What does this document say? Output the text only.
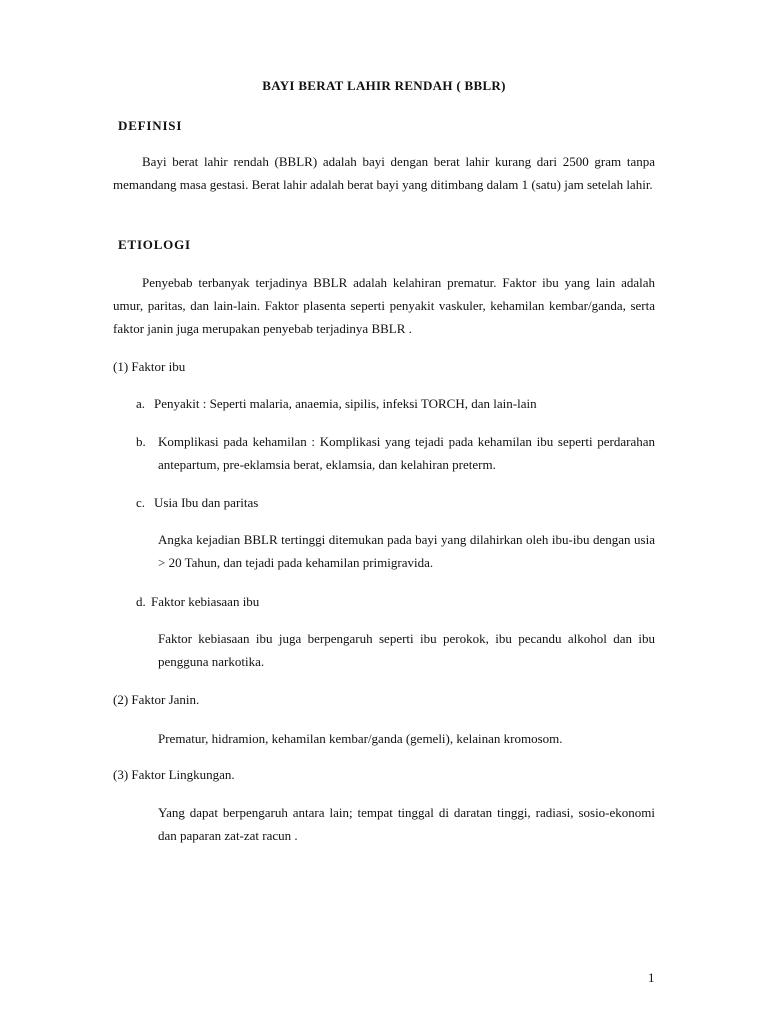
BAYI BERAT LAHIR RENDAH ( BBLR)
DEFINISI

Bayi berat lahir rendah (BBLR) adalah bayi dengan berat lahir kurang dari 2500 gram tanpa memandang masa gestasi. Berat lahir adalah berat bayi yang ditimbang dalam 1 (satu) jam setelah lahir.

ETIOLOGI

Penyebab terbanyak terjadinya BBLR adalah kelahiran prematur. Faktor ibu yang lain adalah umur, paritas, dan lain-lain. Faktor plasenta seperti penyakit vaskuler, kehamilan kembar/ganda, serta faktor janin juga merupakan penyebab terjadinya BBLR .

(1) Faktor ibu
a. Penyakit : Seperti malaria, anaemia, sipilis, infeksi TORCH, dan lain-lain
b. Komplikasi pada kehamilan : Komplikasi yang tejadi pada kehamilan ibu seperti perdarahan antepartum, pre-eklamsia berat, eklamsia, dan kelahiran preterm.

c. Usia Ibu dan paritas

Angka kejadian BBLR tertinggi ditemukan pada bayi yang dilahirkan oleh ibu-ibu dengan usia > 20 Tahun, dan tejadi pada kehamilan primigravida.

d. Faktor kebiasaan ibu

Faktor kebiasaan ibu juga berpengaruh seperti ibu perokok, ibu pecandu alkohol dan ibu pengguna narkotika.

(2) Faktor Janin.
Prematur, hidramion, kehamilan kembar/ganda (gemeli), kelainan kromosom.
(3) Faktor Lingkungan.

Yang dapat berpengaruh antara lain; tempat tinggal di daratan tinggi, radiasi, sosio-ekonomi dan paparan zat-zat racun .

1
